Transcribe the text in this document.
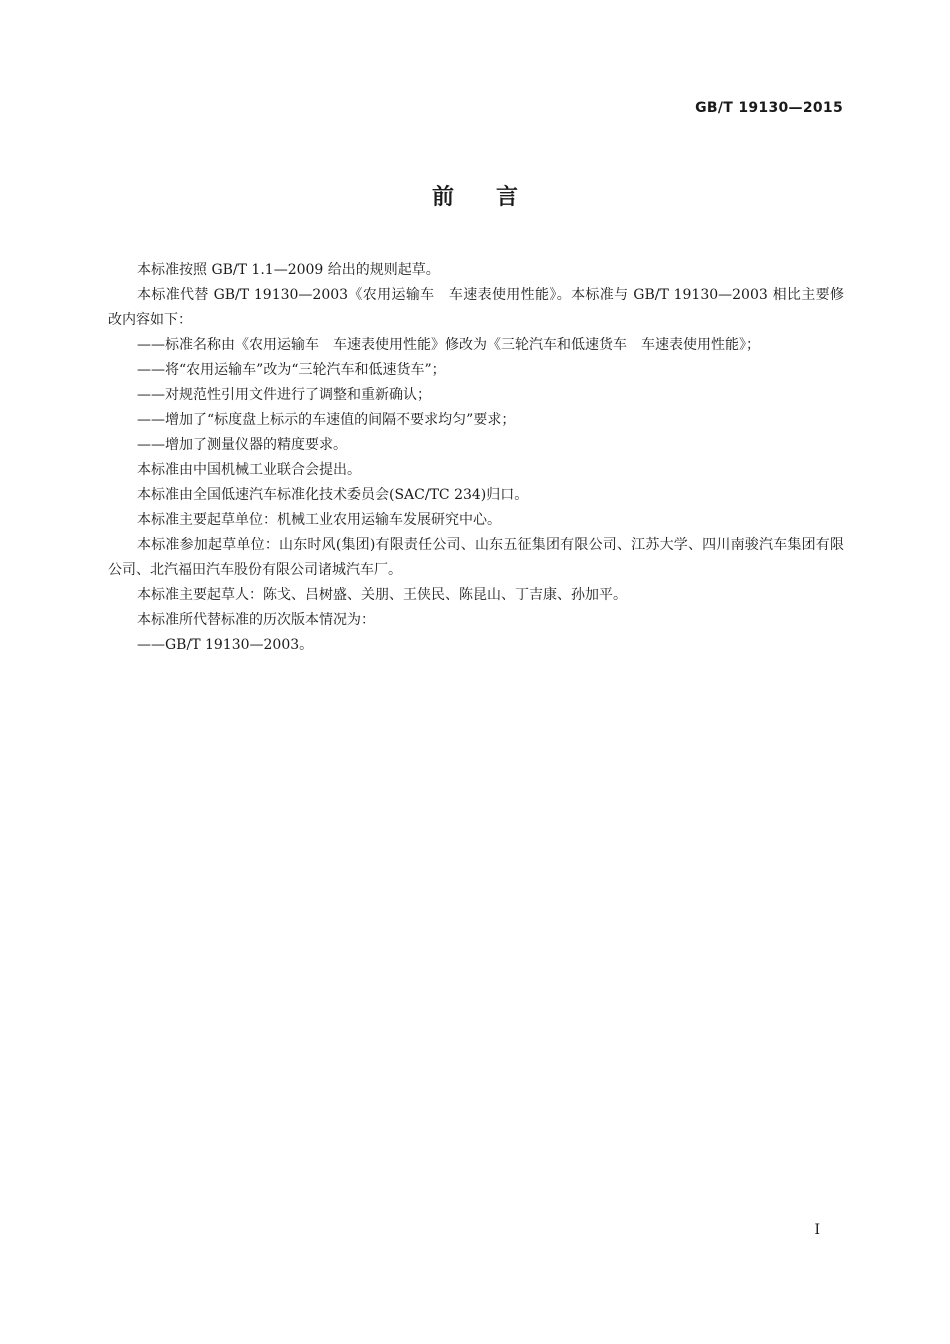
GB/T 19130—2015
前言

本标准按照 GB/T 1.1—2009 给出的规则起草。

本标准代替 GB/T 19130—2003《农用运输车　车速表使用性能》。本标准与 GB/T 19130—2003 相比主要修改内容如下：

——标准名称由《农用运输车　车速表使用性能》修改为《三轮汽车和低速货车　车速表使用性能》；

——将“农用运输车”改为“三轮汽车和低速货车”；

——对规范性引用文件进行了调整和重新确认；

——增加了“标度盘上标示的车速值的间隔不要求均匀”要求；

——增加了测量仪器的精度要求。

本标准由中国机械工业联合会提出。

本标准由全国低速汽车标准化技术委员会(SAC/TC 234)归口。

本标准主要起草单位：机械工业农用运输车发展研究中心。

本标准参加起草单位：山东时风(集团)有限责任公司、山东五征集团有限公司、江苏大学、四川南骏汽车集团有限公司、北汽福田汽车股份有限公司诸城汽车厂。

本标准主要起草人：陈戈、吕树盛、关朋、王侠民、陈昆山、丁吉康、孙加平。

本标准所代替标准的历次版本情况为：

——GB/T 19130—2003。

I
